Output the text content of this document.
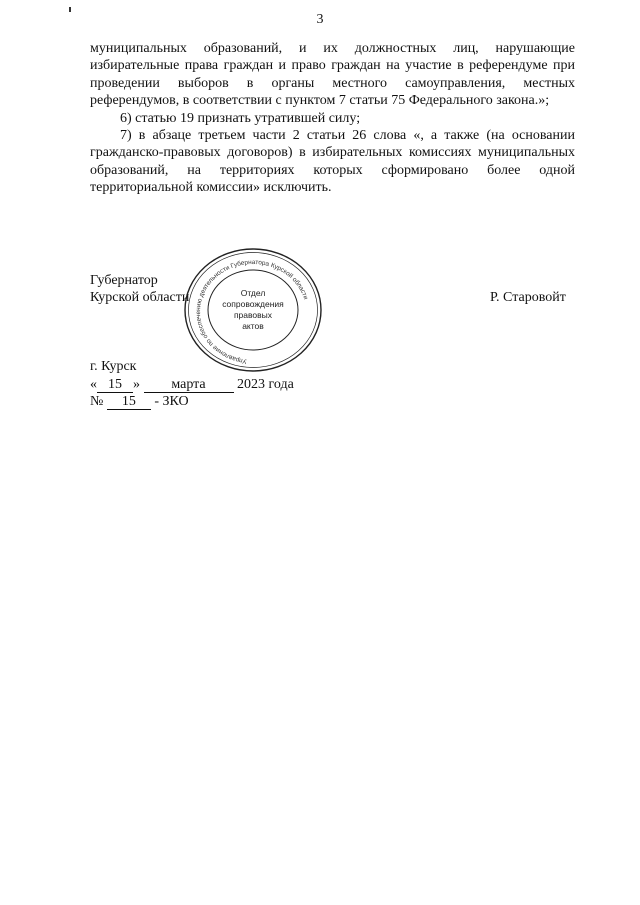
3

муниципальных образований, и их должностных лиц, нарушающие избирательные права граждан и право граждан на участие в референдуме при проведении выборов в органы местного самоуправления, местных референдумов, в соответствии с пунктом 7 статьи 75 Федерального закона.»;

6) статью 19 признать утратившей силу;

7) в абзаце третьем части 2 статьи 26 слова «, а также (на основании гражданско-правовых договоров) в избирательных комиссиях муниципальных образований, на территориях которых сформировано более одной территориальной комиссии» исключить.

Губернатор
Курской области
Управление по обеспечению деятельности Губернатора Курской области
Отдел
сопровождения
правовых
актов
Р. Старовойт
г. Курск
« 15 » марта 2023 года
№ 15 - ЗКО
